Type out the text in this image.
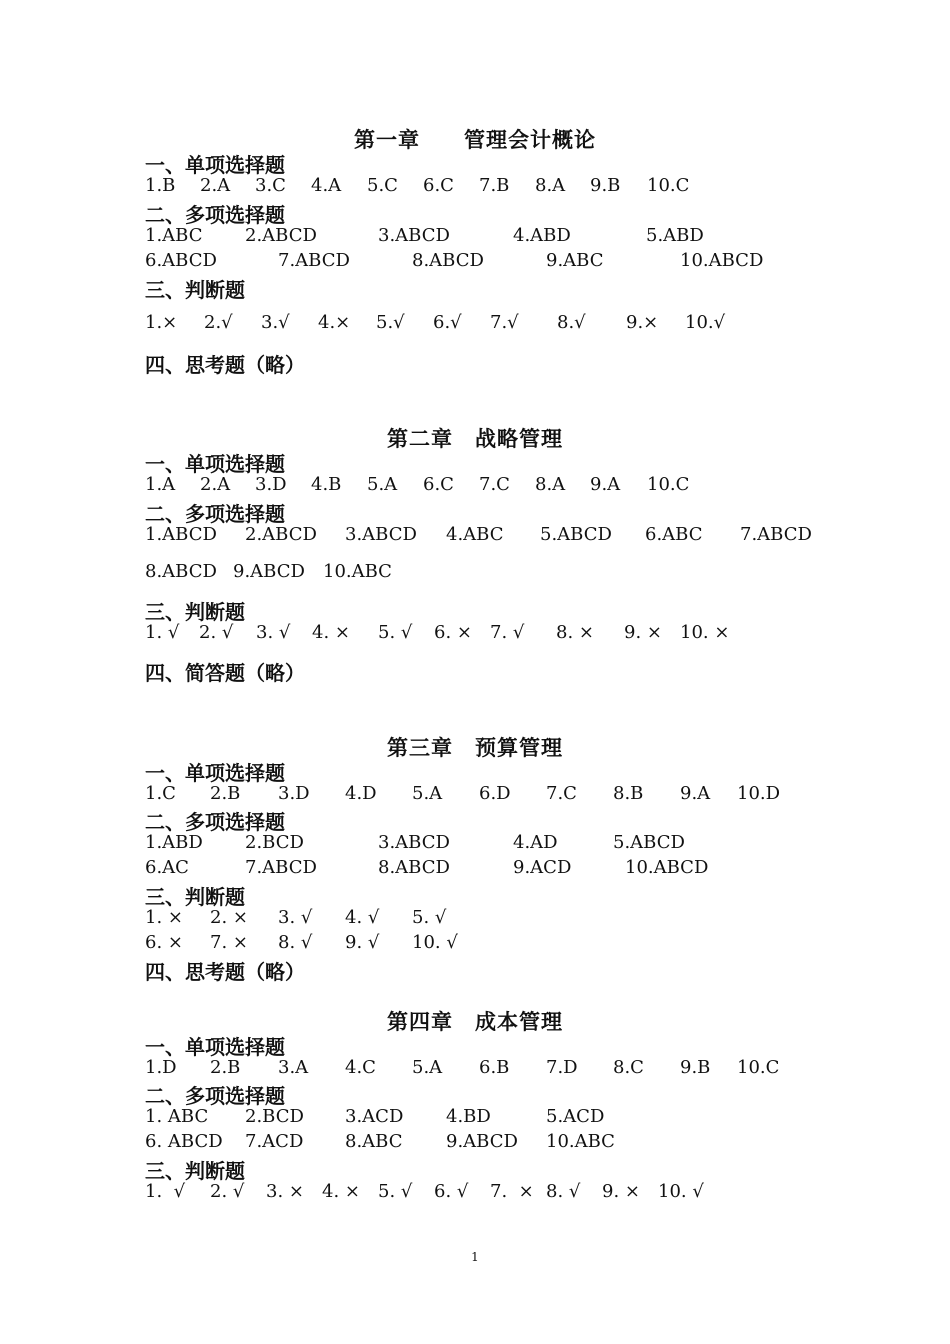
第一章　　管理会计概论
一、单项选择题
1.B 2.A 3.C 4.A 5.C 6.C 7.B 8.A 9.B 10.C
二、多项选择题
1.ABC 2.ABCD	3.ABCD	4.ABD	5.ABD
6.ABCD	7.ABCD	8.ABCD	9.ABC	10.ABCD
三、判断题
1.× 2.√ 3.√ 4.× 5.√ 6.√ 7.√ 8.√ 9.× 10.√
四、思考题（略）
第二章　战略管理
一、单项选择题
1.A 2.A 3.D 4.B 5.A 6.C 7.C 8.A 9.A 10.C
二、多项选择题
1.ABCD 2.ABCD 3.ABCD 4.ABC 5.ABCD 6.ABC 7.ABCD
8.ABCD 9.ABCD 10.ABC
三、判断题
1. √ 2. √ 3. √ 4. × 5. √ 6. × 7. √ 8. × 9. × 10. ×
四、简答题（略）
第三章　预算管理
一、单项选择题
1.C 2.B 3.D 4.D 5.A 6.D 7.C 8.B 9.A 10.D
二、多项选择题
1.ABD 2.BCD	3.ABCD	4.AD	5.ABCD
6.AC	7.ABCD	8.ABCD	9.ACD	10.ABCD
三、判断题
1. × 2. × 3. √ 4. √ 5. √
6. × 7. × 8. √ 9. √ 10. √
四、思考题（略）
第四章　成本管理
一、单项选择题
1.D 2.B 3.A 4.C 5.A 6.B 7.D 8.C 9.B 10.C
二、多项选择题
1. ABC 2.BCD 3.ACD 4.BD	5.ACD
6. ABCD 7.ACD 8.ABC 9.ABCD 10.ABC
三、判断题
1.  √ 2. √ 3. × 4. × 5. √ 6. √ 7.  × 8. √ 9. × 10. √
1
